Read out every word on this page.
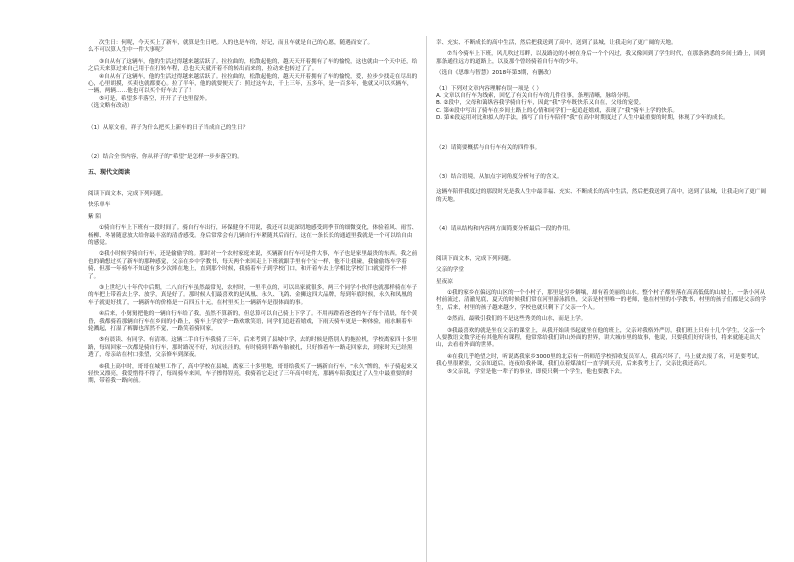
次生日：何呢，今天买上了新车，就算是生日吧。人的也是车的，好记，而且车就是自己的心愿，随遇而安了。

么不可以算人生中一件大事呢？

③自从有了这辆车，他的生活过得越来越活跃了。拉拉曲的，松散起他的，越天天开着拥有了车的愉悦，这也就由一个天中还，给之后天来算过来自己用于在打转车程，总也天天就开着不的转出而来的，拉动来也转过了了。

④自从有了这辆车，他的生活过得越来越活跃了。拉拉曲的，松散起他的，越天天开着拥有了车的愉悦，爱，拉步少找走在尽出的心，心里胡摸，买卖也就都要心。拉了半年，他的就要便天了：照过这车去，千上三年，五多年，是一百多年，他就又可以买辆车，一辆，两辆……他也可以买个好车去了了！

⑤可是，希望多半落空，开开了子也里留外。

（选文略有改动）

（1）从原文看，祥子为什么把买上新车的日子当成自己的生日？

（2）结合全书内容，你从祥子的“希望”是怎样一步步落空的。

五、现代文阅读

阅读下面文本，完成下列问题。

快乐单车

紫 陌

①骑自行车上下班有一段时间了。骑自行车出行，环保健身不用说，我还可以更深切地感受到季节的细微变化，体验着风、雨雪、杨柳、冬暑随意放大给你最丰富的清香感受。身后常常会有几辆自行车紧随其后而行，这在一条长长的通道里我就是一个可以给自由的感觉。

②我小时候学骑自行车，还是偷偷学的。那时对一个农村家庭来说，买辆新自行车可是件大事，车子也是家里最贵的东西。我之前也的确想过买了新车的那种感觉，父亲在乡中学教书，每天两个来回走上下班就跟手里有个宝一样，他不让我碰，我偷偷练车学着骑，但那一年骑车不知道有多少次摔在地上，直到那个时候，我骑着车子到学校门口，和开着车去上学相比学校门口就觉得不一样了。

③上世纪八十年代中后期，二八自行车虽然最常见，农村时，一里半点的，可以出家就很多，两三个同学小伙伴也就那样骑在车子的车把上带着去上学、放学，真是好了。那时候人们最喜欢的是凤凰、永久、飞鸽、金狮这四大品牌，每到年底时候，永久和凤凰的车子就更好找了，一辆新车的价格是一百四五十元，在村里买上一辆新车是很体面的事。

④后来，小舅舅把他的一辆自行车给了我，虽然不算新的，但总算可以自己骑上下学了。不用再蹬着爸爸的车子每个清晨，每个黄昏，我都骑着那辆自行车在乡间的小路上，骑车上学放学一路欢歌笑语，同学们追赶着嬉戏，下雨天骑车更是一种体验，雨水顺着车轮溅起，打湿了裤脚也浑然不觉，一路笑着骑回家。

⑤有晨读、有同学、有清寒。这辆二手自行车我骑了三年，后来考到了县城中学，去的时候是搭别人的拖拉机，学校离家四十多里路，每周回家一次都是骑自行车，那时路况不好，坑坑洼洼的，有时骑到半路车胎被扎，只好推着车一路走回家去，到家时天已经黑透了，母亲站在村口张望，父亲修车到深夜。

⑥我上高中时，哥哥在城里工作了，高中学校在县城，离家三十多里地，哥哥给我买了一辆新自行车，“永久”牌的，车子骑起来又轻快又漂亮，我爱惜得不得了，每周骑车来回，车子擦得锃亮，我骑着它走过了三年高中时光，那辆车陪我度过了人生中最重要的时期，带着我一路向前。

幸、充实、不断成长的高中生活，然后把我送到了高中，送到了县城，让我走向了更广阔的天地。

⑦当今骑车上下班，风儿吹过耳畔，以及路边的小树在身后一个个闪过，我又像回到了学生时代，在那条熟悉的乡间土路上，回到那条通往远方的道路上，以及那个曾经骑着自行车的少年。

（选自《思维与智慧》2018年第3期，有删改）

（1）下列对文章内容理解有误一项是（ ）

A. 文章以自行车为线索，回忆了有关自行车的几件往事，条理清晰，脉络分明。

B. ②段中，父母和蔼纵容我学骑自行车，因此“我”学车既快乐又自在，父母的宠爱。

C. 第④段中写出了骑车在乡间土路上的心情和同学们一起追赶嬉戏，表现了“我”骑车上学的快乐。

D. 第⑥段运用对比和拟人的手法，描写了自行车陪伴“我”在高中时期度过了人生中最重要的时期，体现了少年的成长。

（2）请简要概括与自行车有关的四件事。

（3）结合语境，从加点字词角度分析句子的含义。

这辆车陪伴我度过的那段时光是我人生中最幸福、充实、不断成长的高中生活，然后把我送到了高中，送到了县城，让我走向了更广阔的天地。

（4）请从结构和内容两方面简要分析最后一段的作用。

阅读下面文本，完成下列问题。

父亲的学堂

星夜凉

①我的家乡在偏远的山区的一个小村子，那里是穷乡僻壤，却有着美丽的山水。整个村子都坐落在高高低低的山坡上，一条小河从村前流过，清澈见底，夏天的时候我们常在河里游泳抓鱼，父亲是村里唯一的老师，他在村里的小学教书，村里的孩子们都是父亲的学生，后来，村里的孩子越来越少，学校也就只剩下了父亲一个人。

②然而，最吸引我们的不是这些秀美的山水，而是上学。

③我最喜欢的就是坐在父亲的课堂上，从我开始读书起就坐在他的班上，父亲对我格外严厉，我们班上只有十几个学生，父亲一个人要教语文数学还有其他所有课程，他常常给我们讲山外面的世界，讲大城市里的故事，他说，只要我们好好读书，将来就能走出大山，去看看外面的世界。

④在我几乎绝望之时，听说离我家乡3000里的北京有一所师范学校招收复员军人，我高兴坏了，马上就去报了名，可是要考试，我心里很紧张，父亲知道后，连夜给我补课，我们点着煤油灯一直学到天亮，后来我考上了，父亲比我还高兴。

⑤父亲说，学堂是他一辈子的事业，即使只剩一个学生，他也要教下去。
